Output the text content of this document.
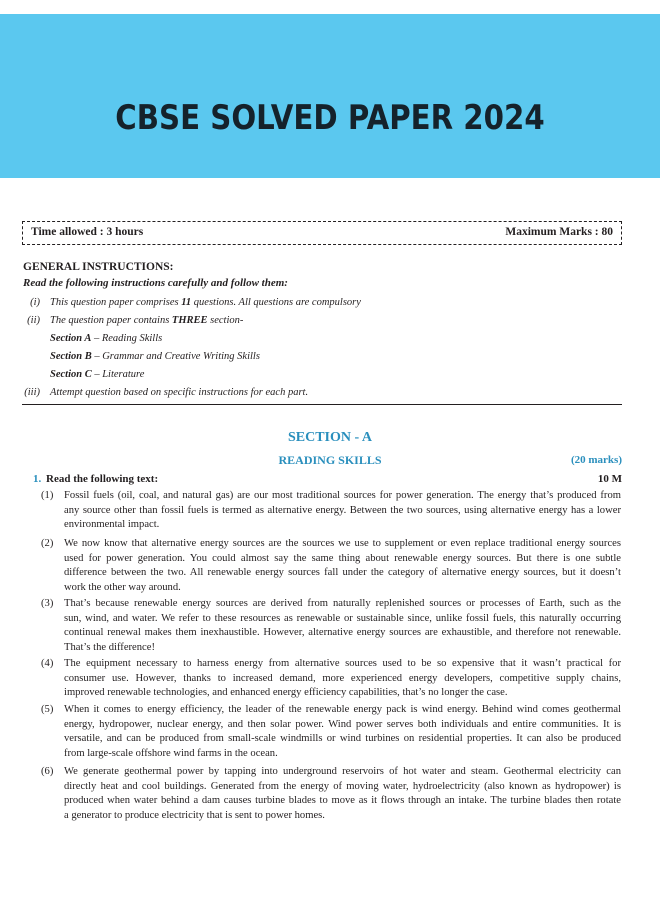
CBSE SOLVED PAPER 2024
Time allowed : 3 hours	Maximum Marks : 80
GENERAL INSTRUCTIONS:
Read the following instructions carefully and follow them:
(i) This question paper comprises 11 questions. All questions are compulsory
(ii) The question paper contains THREE section-
Section A – Reading Skills
Section B – Grammar and Creative Writing Skills
Section C – Literature
(iii) Attempt question based on specific instructions for each part.
SECTION - A
READING SKILLS	(20 marks)
1. Read the following text:	10 M
(1) Fossil fuels (oil, coal, and natural gas) are our most traditional sources for power generation. The energy that’s produced from
any source other than fossil fuels is termed as alternative energy. Between the two sources, using alternative energy has a lower
environmental impact.
(2) We now know that alternative energy sources are the sources we use to supplement or even replace traditional energy sources
used for power generation. You could almost say the same thing about renewable energy sources. But there is one subtle
difference between the two. All renewable energy sources fall under the category of alternative energy sources, but it doesn’t
work the other way around.
(3) That’s because renewable energy sources are derived from naturally replenished sources or processes of Earth, such as the
sun, wind, and water. We refer to these resources as renewable or sustainable since, unlike fossil fuels, this naturally occurring
continual renewal makes them inexhaustible. However, alternative energy sources are exhaustible, and therefore not renewable.
That’s the difference!
(4) The equipment necessary to harness energy from alternative sources used to be so expensive that it wasn’t practical for
consumer use. However, thanks to increased demand, more experienced energy developers, competitive supply chains,
improved renewable technologies, and enhanced energy efficiency capabilities, that’s no longer the case.
(5) When it comes to energy efficiency, the leader of the renewable energy pack is wind energy. Behind wind comes geothermal
energy, hydropower, nuclear energy, and then solar power. Wind power serves both individuals and entire communities. It is
versatile, and can be produced from small-scale windmills or wind turbines on residential properties. It can also be produced
from large-scale offshore wind farms in the ocean.
(6) We generate geothermal power by tapping into underground reservoirs of hot water and steam. Geothermal electricity can
directly heat and cool buildings. Generated from the energy of moving water, hydroelectricity (also known as hydropower) is
produced when water behind a dam causes turbine blades to move as it flows through an intake. The turbine blades then rotate
a generator to produce electricity that is sent to power homes.
